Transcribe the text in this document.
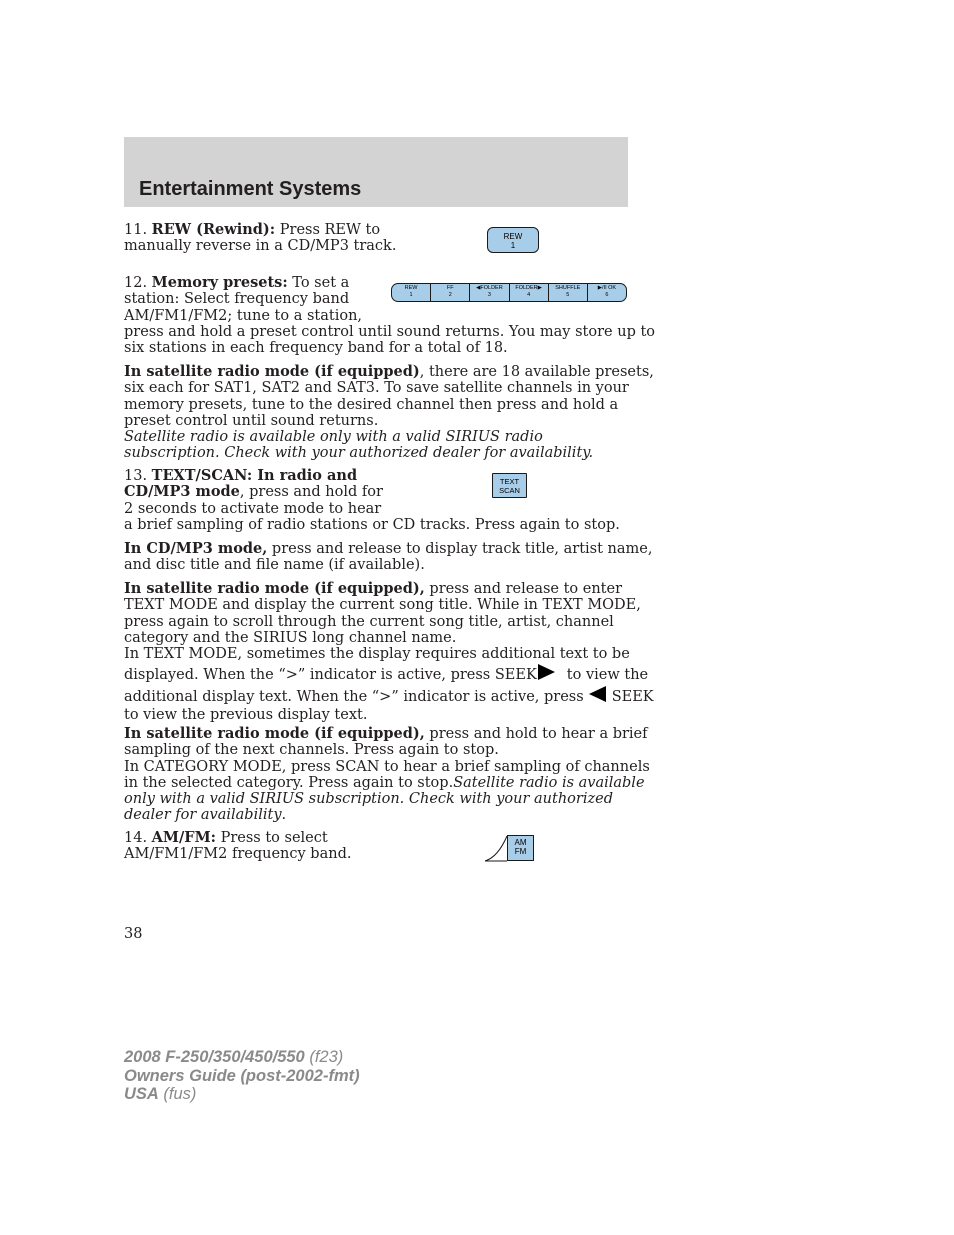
Entertainment Systems
11. REW (Rewind): Press REW to
manually reverse in a CD/MP3 track.
REW
1
12. Memory presets: To set a
station: Select frequency band
AM/FM1/FM2; tune to a station,
press and hold a preset control until sound returns. You may store up to
six stations in each frequency band for a total of 18.
REW
1
FF
2
◀FOLDER
3
FOLDER▶
4
SHUFFLE
5
▶/II OK
6
In satellite radio mode (if equipped), there are 18 available presets,
six each for SAT1, SAT2 and SAT3. To save satellite channels in your
memory presets, tune to the desired channel then press and hold a
preset control until sound returns.
Satellite radio is available only with a valid SIRIUS radio
subscription. Check with your authorized dealer for availability.
13. TEXT/SCAN: In radio and
CD/MP3 mode, press and hold for
2 seconds to activate mode to hear
a brief sampling of radio stations or CD tracks. Press again to stop.
TEXT
SCAN
In CD/MP3 mode, press and release to display track title, artist name,
and disc title and file name (if available).
In satellite radio mode (if equipped), press and release to enter
TEXT MODE and display the current song title. While in TEXT MODE,
press again to scroll through the current song title, artist, channel
category and the SIRIUS long channel name.
In TEXT MODE, sometimes the display requires additional text to be
displayed. When the “>” indicator is active, press SEEK to view the
additional display text. When the “>” indicator is active, press SEEK
to view the previous display text.
In satellite radio mode (if equipped), press and hold to hear a brief
sampling of the next channels. Press again to stop.
In CATEGORY MODE, press SCAN to hear a brief sampling of channels
in the selected category. Press again to stop.Satellite radio is available
only with a valid SIRIUS subscription. Check with your authorized
dealer for availability.
14. AM/FM: Press to select
AM/FM1/FM2 frequency band.
AM
FM
38
2008 F-250/350/450/550 (f23)
Owners Guide (post-2002-fmt)
USA (fus)
